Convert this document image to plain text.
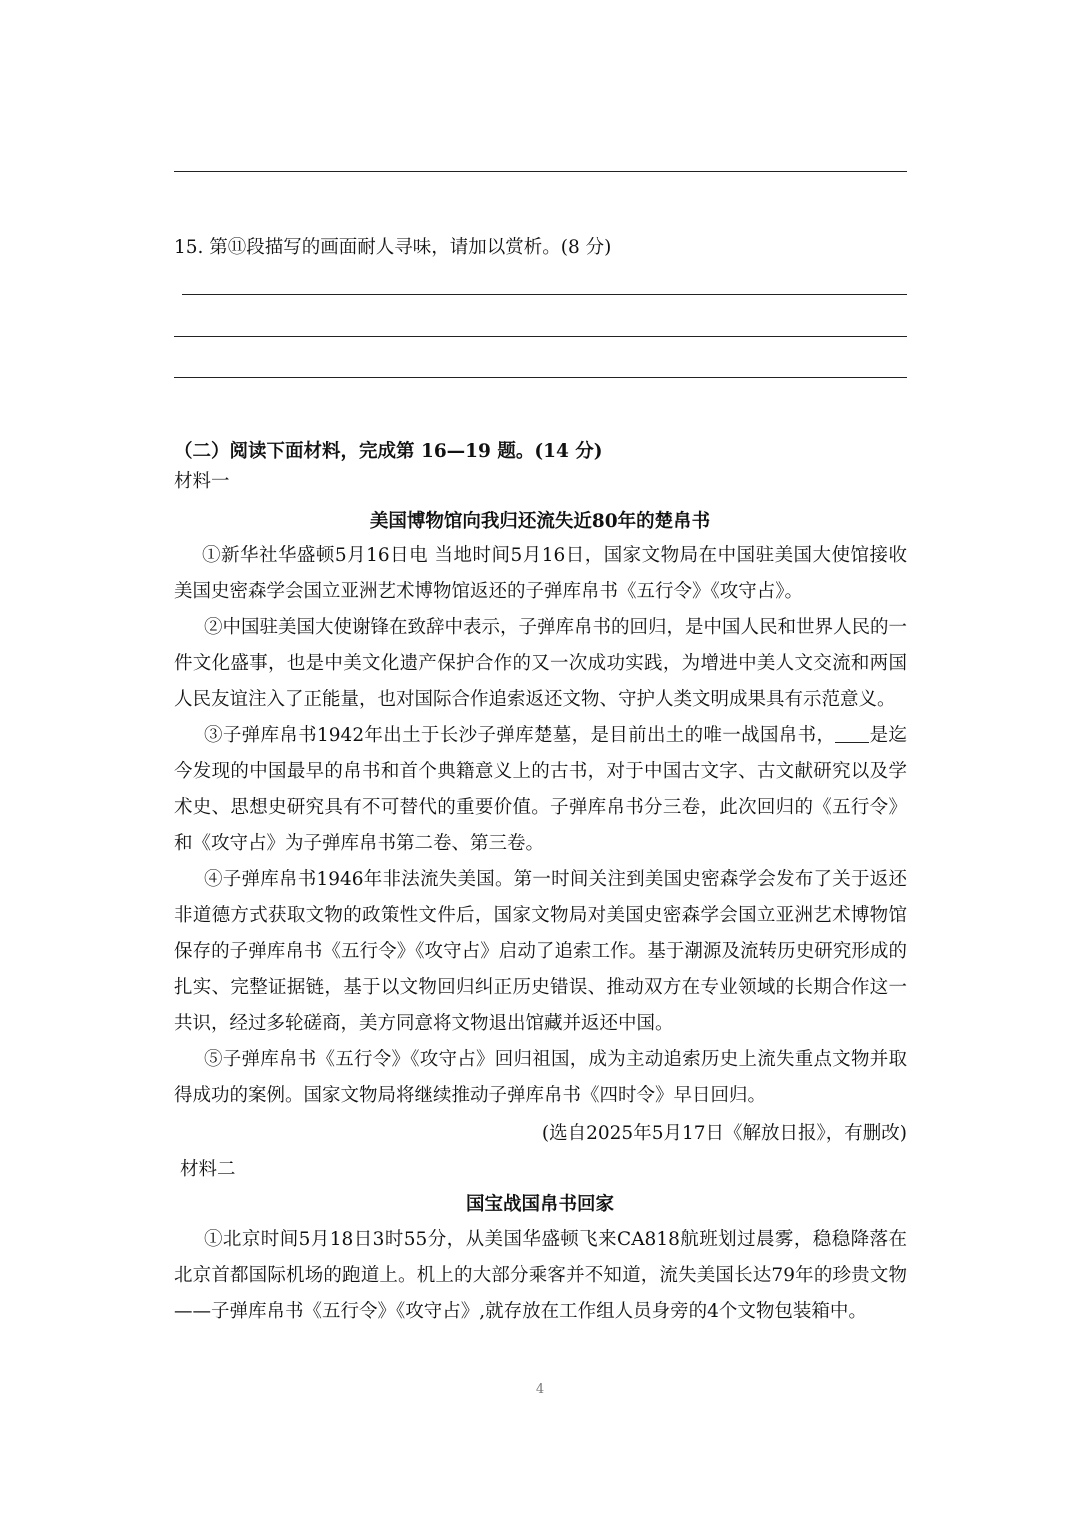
15. 第⑪段描写的画面耐人寻味，请加以赏析。(8 分)
（二）阅读下面材料，完成第 16—19 题。(14 分)
材料一
美国博物馆向我归还流失近80年的楚帛书
①新华社华盛顿5月16日电 当地时间5月16日，国家文物局在中国驻美国大使馆接收美国史密森学会国立亚洲艺术博物馆返还的子弹库帛书《五行令》《攻守占》。
②中国驻美国大使谢锋在致辞中表示，子弹库帛书的回归，是中国人民和世界人民的一件文化盛事，也是中美文化遗产保护合作的又一次成功实践，为增进中美人文交流和两国人民友谊注入了正能量，也对国际合作追索返还文物、守护人类文明成果具有示范意义。
③子弹库帛书1942年出土于长沙子弹库楚墓，是目前出土的唯一战国帛书， 是迄今发现的中国最早的帛书和首个典籍意义上的古书，对于中国古文字、古文献研究以及学术史、思想史研究具有不可替代的重要价值。子弹库帛书分三卷，此次回归的《五行令》和《攻守占》为子弹库帛书第二卷、第三卷。
④子弹库帛书1946年非法流失美国。第一时间关注到美国史密森学会发布了关于返还 非道德方式获取文物的政策性文件后，国家文物局对美国史密森学会国立亚洲艺术博物馆保存的子弹库帛书《五行令》《攻守占》启动了追索工作。基于潮源及流转历史研究形成的扎实、完整证据链，基于以文物回归纠正历史错误、推动双方在专业领域的长期合作这一共识，经过多轮磋商，美方同意将文物退出馆藏并返还中国。
⑤子弹库帛书《五行令》《攻守占》回归祖国，成为主动追索历史上流失重点文物并取得成功的案例。国家文物局将继续推动子弹库帛书《四时令》早日回归。
(选自2025年5月17日《解放日报》，有删改)
材料二
国宝战国帛书回家
①北京时间5月18日3时55分，从美国华盛顿飞来CA818航班划过晨雾，稳稳降落在北京首都国际机场的跑道上。机上的大部分乘客并不知道，流失美国长达79年的珍贵文物——子弹库帛书《五行令》《攻守占》,就存放在工作组人员身旁的4个文物包装箱中。
4
